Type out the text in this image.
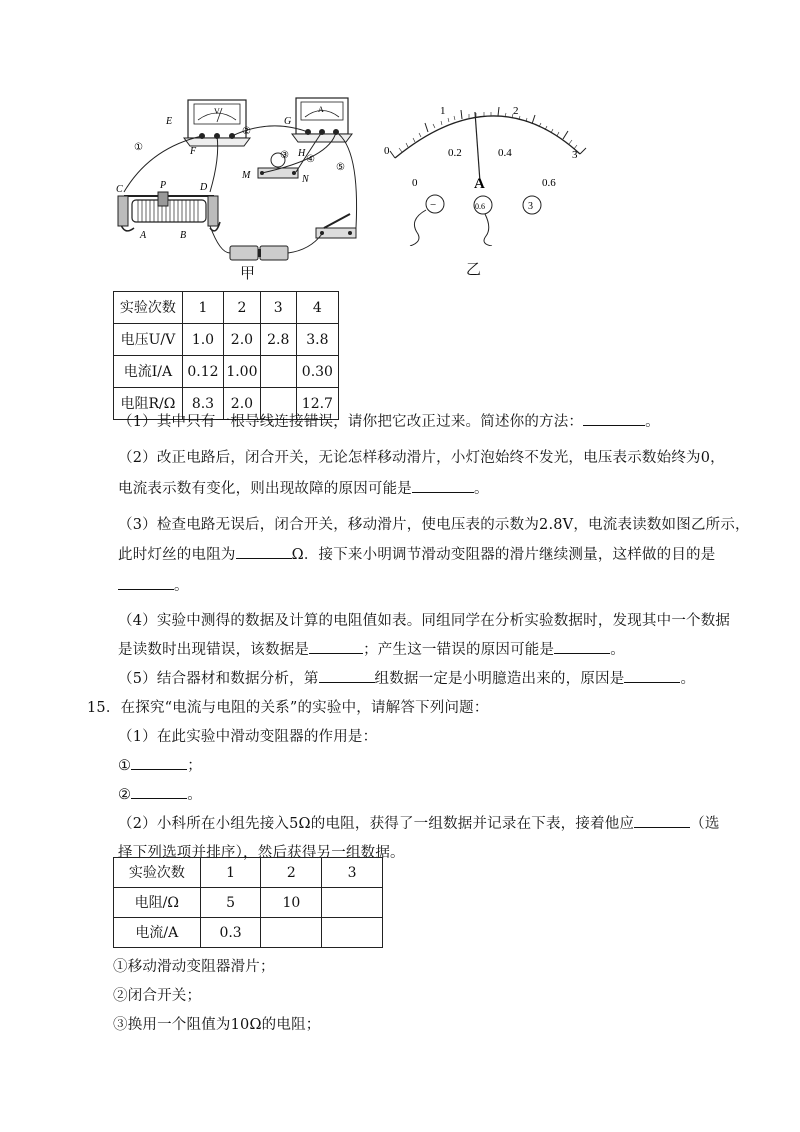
V	A
E
F
G
H
M	N
C	D
P
A	B
①
②
③ ④
⑤
甲
0
1	2
3
0
0.2	0.4
0.6
A
−	0.6	3
乙
实验次数	1	2	3	4
电压U/V	1.0	2.0	2.8	3.8
电流I/A	0.12	1.00		0.30
电阻R/Ω	8.3	2.0		12.7
（1）其中只有一根导线连接错误，请你把它改正过来。简述你的方法：	。
（2）改正电路后，闭合开关，无论怎样移动滑片，小灯泡始终不发光，电压表示数始终为0，
电流表示数有变化，则出现故障的原因可能是	。
（3）检查电路无误后，闭合开关，移动滑片，使电压表的示数为2.8V，电流表读数如图乙所示，
此时灯丝的电阻为	Ω．接下来小明调节滑动变阻器的滑片继续测量，这样做的目的是
。
（4）实验中测得的数据及计算的电阻值如表。同组同学在分析实验数据时，发现其中一个数据
是读数时出现错误，该数据是	；产生这一错误的原因可能是	。
（5）结合器材和数据分析，第	组数据一定是小明臆造出来的，原因是	。
15．在探究“电流与电阻的关系”的实验中，请解答下列问题：
（1）在此实验中滑动变阻器的作用是：
①	；
②	。
（2）小科所在小组先接入5Ω的电阻，获得了一组数据并记录在下表，接着他应	（选
择下列选项并排序），然后获得另一组数据。
实验次数	1	2	3
电阻/Ω	5	10	
电流/A	0.3		
①移动滑动变阻器滑片；
②闭合开关；
③换用一个阻值为10Ω的电阻；
